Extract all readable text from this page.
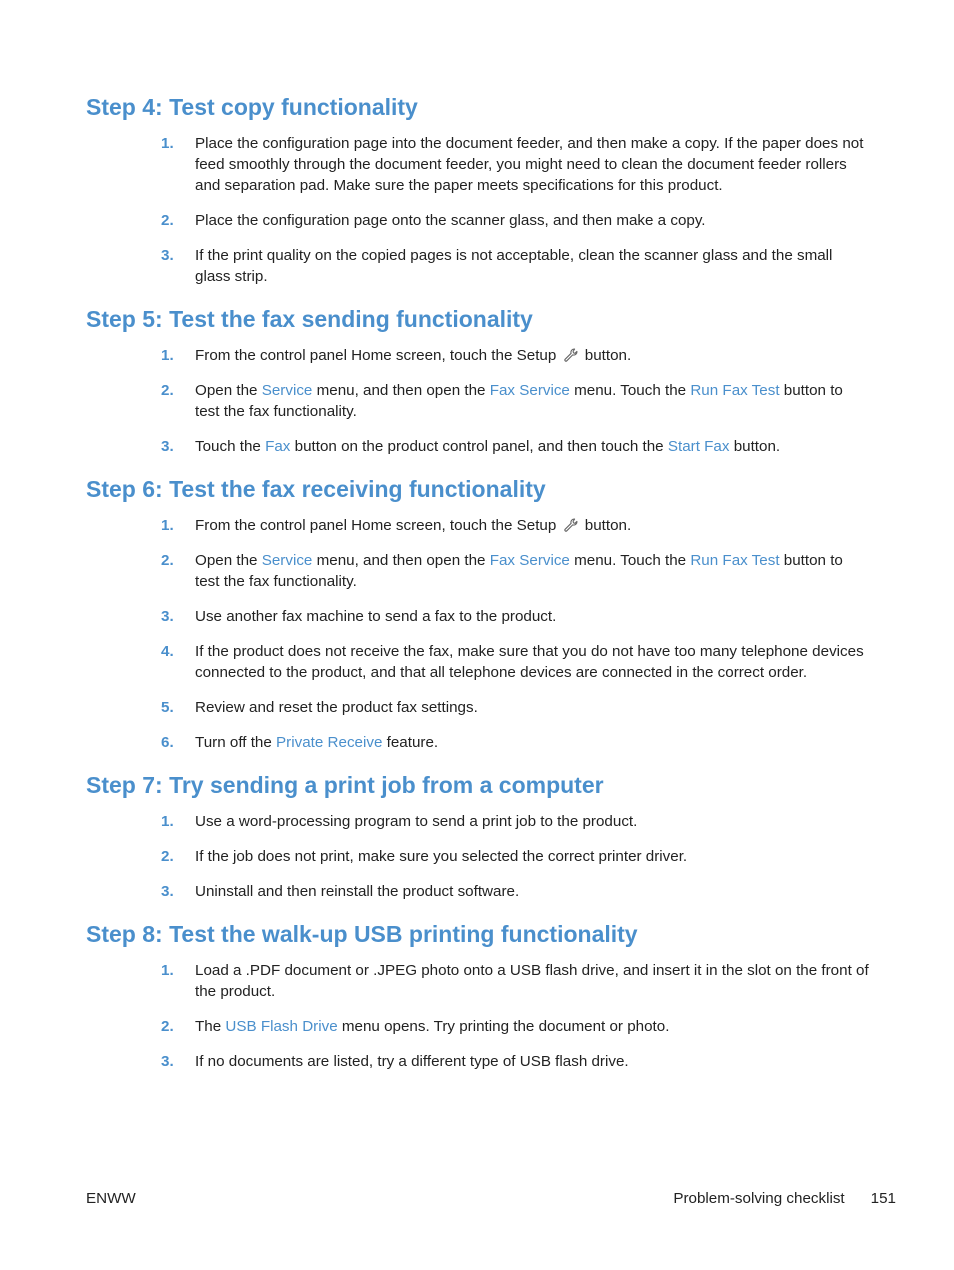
Step 4: Test copy functionality
1. Place the configuration page into the document feeder, and then make a copy. If the paper does not feed smoothly through the document feeder, you might need to clean the document feeder rollers and separation pad. Make sure the paper meets specifications for this product.
2. Place the configuration page onto the scanner glass, and then make a copy.
3. If the print quality on the copied pages is not acceptable, clean the scanner glass and the small glass strip.
Step 5: Test the fax sending functionality
1. From the control panel Home screen, touch the Setup  button.
2. Open the Service menu, and then open the Fax Service menu. Touch the Run Fax Test button to test the fax functionality.
3. Touch the Fax button on the product control panel, and then touch the Start Fax button.
Step 6: Test the fax receiving functionality
1. From the control panel Home screen, touch the Setup  button.
2. Open the Service menu, and then open the Fax Service menu. Touch the Run Fax Test button to test the fax functionality.
3. Use another fax machine to send a fax to the product.
4. If the product does not receive the fax, make sure that you do not have too many telephone devices connected to the product, and that all telephone devices are connected in the correct order.
5. Review and reset the product fax settings.
6. Turn off the Private Receive feature.
Step 7: Try sending a print job from a computer
1. Use a word-processing program to send a print job to the product.
2. If the job does not print, make sure you selected the correct printer driver.
3. Uninstall and then reinstall the product software.
Step 8: Test the walk-up USB printing functionality
1. Load a .PDF document or .JPEG photo onto a USB flash drive, and insert it in the slot on the front of the product.
2. The USB Flash Drive menu opens. Try printing the document or photo.
3. If no documents are listed, try a different type of USB flash drive.
ENWW	Problem-solving checklist 151
